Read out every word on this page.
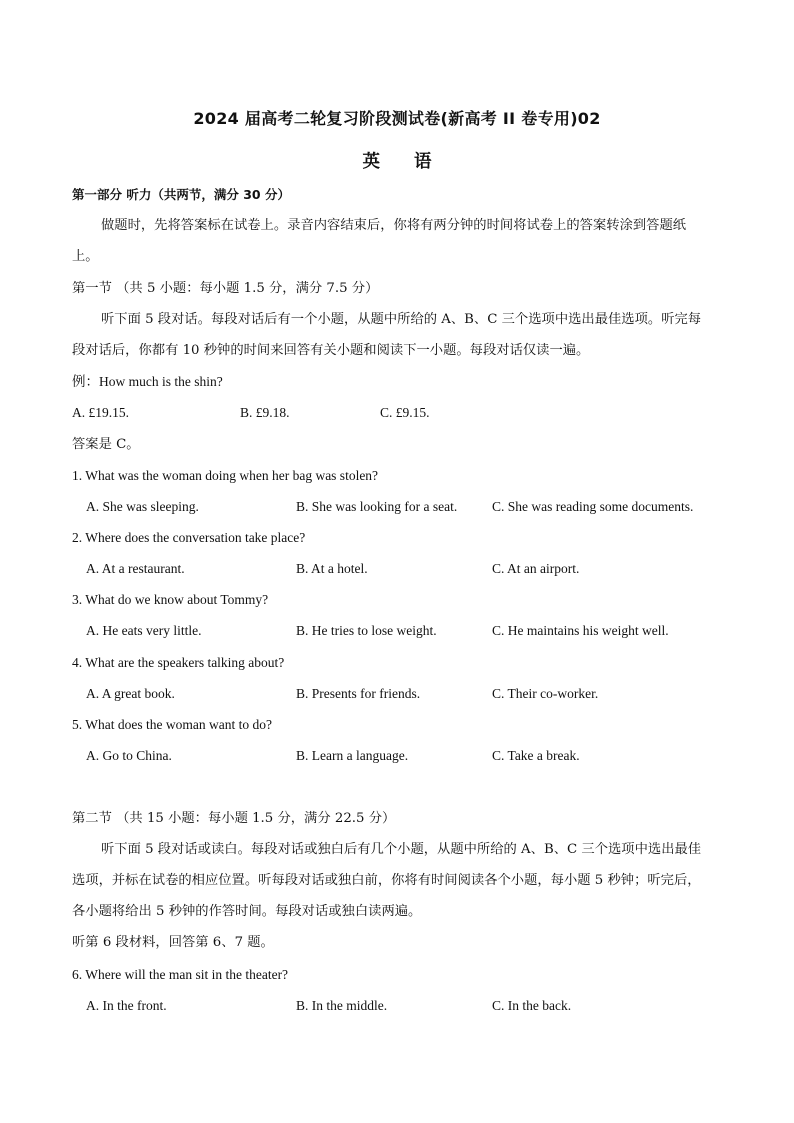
2024 届高考二轮复习阶段测试卷(新高考 II 卷专用)02
英 语
第一部分 听力（共两节，满分 30 分）
做题时，先将答案标在试卷上。录音内容结束后，你将有两分钟的时间将试卷上的答案转涂到答题纸
上。
第一节 （共 5 小题：每小题 1.5 分，满分 7.5 分）
听下面 5 段对话。每段对话后有一个小题，从题中所给的 A、B、C 三个选项中选出最佳选项。听完每
段对话后，你都有 10 秒钟的时间来回答有关小题和阅读下一小题。每段对话仅读一遍。
例：How much is the shin?
A. £19.15.	B. £9.18.	C. £9.15.
答案是 C。
1. What was the woman doing when her bag was stolen?
A. She was sleeping.	B. She was looking for a seat.	C. She was reading some documents.
2. Where does the conversation take place?
A. At a restaurant.	B. At a hotel.	C. At an airport.
3. What do we know about Tommy?
A. He eats very little.	B. He tries to lose weight.	C. He maintains his weight well.
4. What are the speakers talking about?
A. A great book.	B. Presents for friends.	C. Their co-worker.
5. What does the woman want to do?
A. Go to China.	B. Learn a language.	C. Take a break.
第二节 （共 15 小题：每小题 1.5 分，满分 22.5 分）
听下面 5 段对话或读白。每段对话或独白后有几个小题，从题中所给的 A、B、C 三个选项中选出最佳
选项，并标在试卷的相应位置。听每段对话或独白前，你将有时间阅读各个小题，每小题 5 秒钟；听完后，
各小题将给出 5 秒钟的作答时间。每段对话或独白读两遍。
听第 6 段材料，回答第 6、7 题。
6. Where will the man sit in the theater?
A. In the front.	B. In the middle.	C. In the back.
